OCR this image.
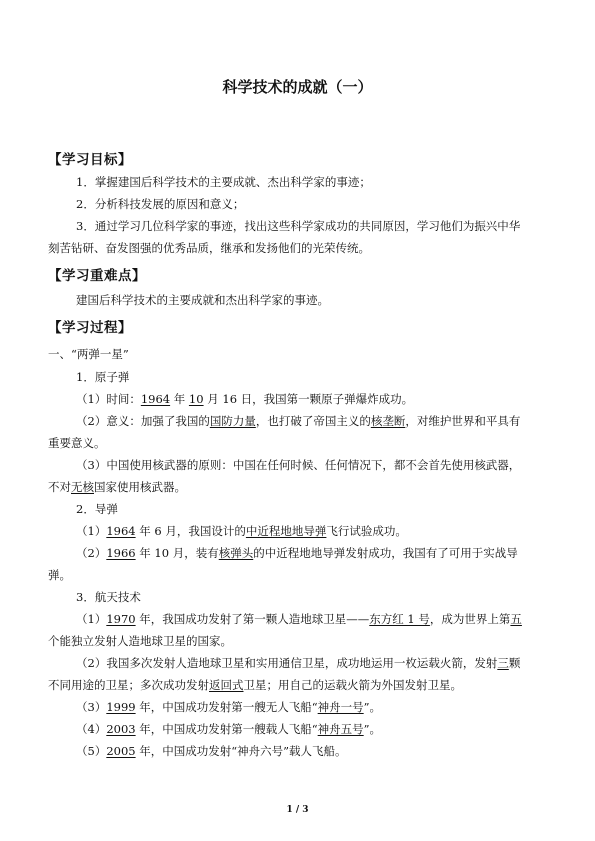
科学技术的成就（一）
【学习目标】
1．掌握建国后科学技术的主要成就、杰出科学家的事迹；
2．分析科技发展的原因和意义；
3．通过学习几位科学家的事迹，找出这些科学家成功的共同原因，学习他们为振兴中华
刻苦钻研、奋发图强的优秀品质，继承和发扬他们的光荣传统。
【学习重难点】
建国后科学技术的主要成就和杰出科学家的事迹。
【学习过程】
一、“两弹一星”
1．原子弹
（1）时间：1964 年 10 月 16 日，我国第一颗原子弹爆炸成功。
（2）意义：加强了我国的国防力量，也打破了帝国主义的核垄断，对维护世界和平具有
重要意义。
（3）中国使用核武器的原则：中国在任何时候、任何情况下，都不会首先使用核武器，
不对无核国家使用核武器。
2．导弹
（1）1964 年 6 月，我国设计的中近程地地导弹飞行试验成功。
（2）1966 年 10 月，装有核弹头的中近程地地导弹发射成功，我国有了可用于实战导
弹。
3．航天技术
（1）1970 年，我国成功发射了第一颗人造地球卫星——东方红 1 号，成为世界上第五
个能独立发射人造地球卫星的国家。
（2）我国多次发射人造地球卫星和实用通信卫星，成功地运用一枚运载火箭，发射三颗
不同用途的卫星；多次成功发射返回式卫星；用自己的运载火箭为外国发射卫星。
（3）1999 年，中国成功发射第一艘无人飞船“神舟一号”。
（4）2003 年，中国成功发射第一艘载人飞船“神舟五号”。
（5）2005 年，中国成功发射“神舟六号”载人飞船。
1 / 3
